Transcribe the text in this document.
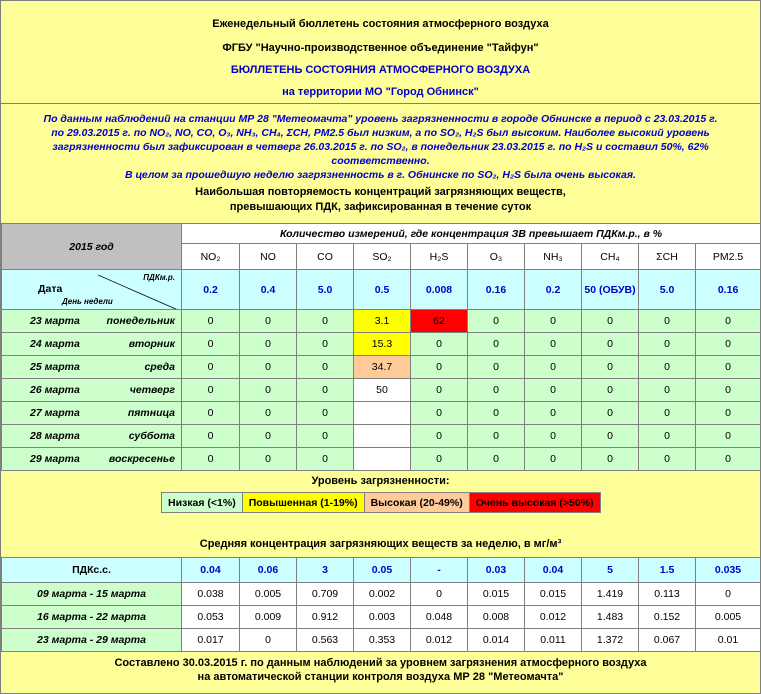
Еженедельный бюллетень состояния атмосферного воздуха
ФГБУ "Научно-производственное объединение "Тайфун"
БЮЛЛЕТЕНЬ СОСТОЯНИЯ АТМОСФЕРНОГО ВОЗДУХА
на территории МО "Город Обнинск"

По данным наблюдений на станции МР 28 "Метеомачта" уровень загрязненности в городе Обнинске в период с 23.03.2015 г.

по 29.03.2015 г. по NO₂, NO, CO, O₃, NH₃, CH₄, ΣCH, PM2.5 был низким, а по SO₂, H₂S был высоким. Наиболее высокий уровень

загрязненности был зафиксирован в четверг 26.03.2015 г. по SO₂, в понедельник 23.03.2015 г. по H₂S и составил 50%, 62%

соответственно.

В целом за прошедшую неделю загрязненность в г. Обнинске по SO₂, H₂S была очень высокая.

Наибольшая повторяемость концентраций загрязняющих веществ,
превышающих ПДК, зафиксированная в течение суток
2015 год	Количество измерений, где концентрация ЗВ превышает ПДКм.р., в %									
	NO₂	NO	CO	SO₂	H₂S	O₃	NH₃	CH₄	ΣCH	PM2.5

Дата
ПДКм.р.
День недели	0.2	0.4	5.0	0.5	0.008	0.16	0.2	50 (ОБУВ)	5.0	0.16

23 марта понедельник	0	0	0	3.1	62	0	0	0	0	0

24 марта вторник	0	0	0	15.3	0	0	0	0	0	0

25 марта среда	0	0	0	34.7	0	0	0	0	0	0

26 марта четверг	0	0	0	50	0	0	0	0	0	0

27 марта пятница	0	0	0		0	0	0	0	0	0

28 марта суббота	0	0	0		0	0	0	0	0	0

29 марта воскресенье	0	0	0		0	0	0	0	0	0
Уровень загрязненности:
Низкая (<1%)	Повышенная (1-19%)	Высокая (20-49%)	Очень высокая (>50%)
Средняя концентрация загрязняющих веществ за неделю, в мг/м³
ПДКс.с.	0.04	0.06	3	0.05	-	0.03	0.04	5	1.5	0.035
09 марта - 15 марта	0.038	0.005	0.709	0.002	0	0.015	0.015	1.419	0.113	0
16 марта - 22 марта	0.053	0.009	0.912	0.003	0.048	0.008	0.012	1.483	0.152	0.005
23 марта - 29 марта	0.017	0	0.563	0.353	0.012	0.014	0.011	1.372	0.067	0.01
Составлено 30.03.2015 г. по данным наблюдений за уровнем загрязнения атмосферного воздуха
на автоматической станции контроля воздуха МР 28 "Метеомачта"
